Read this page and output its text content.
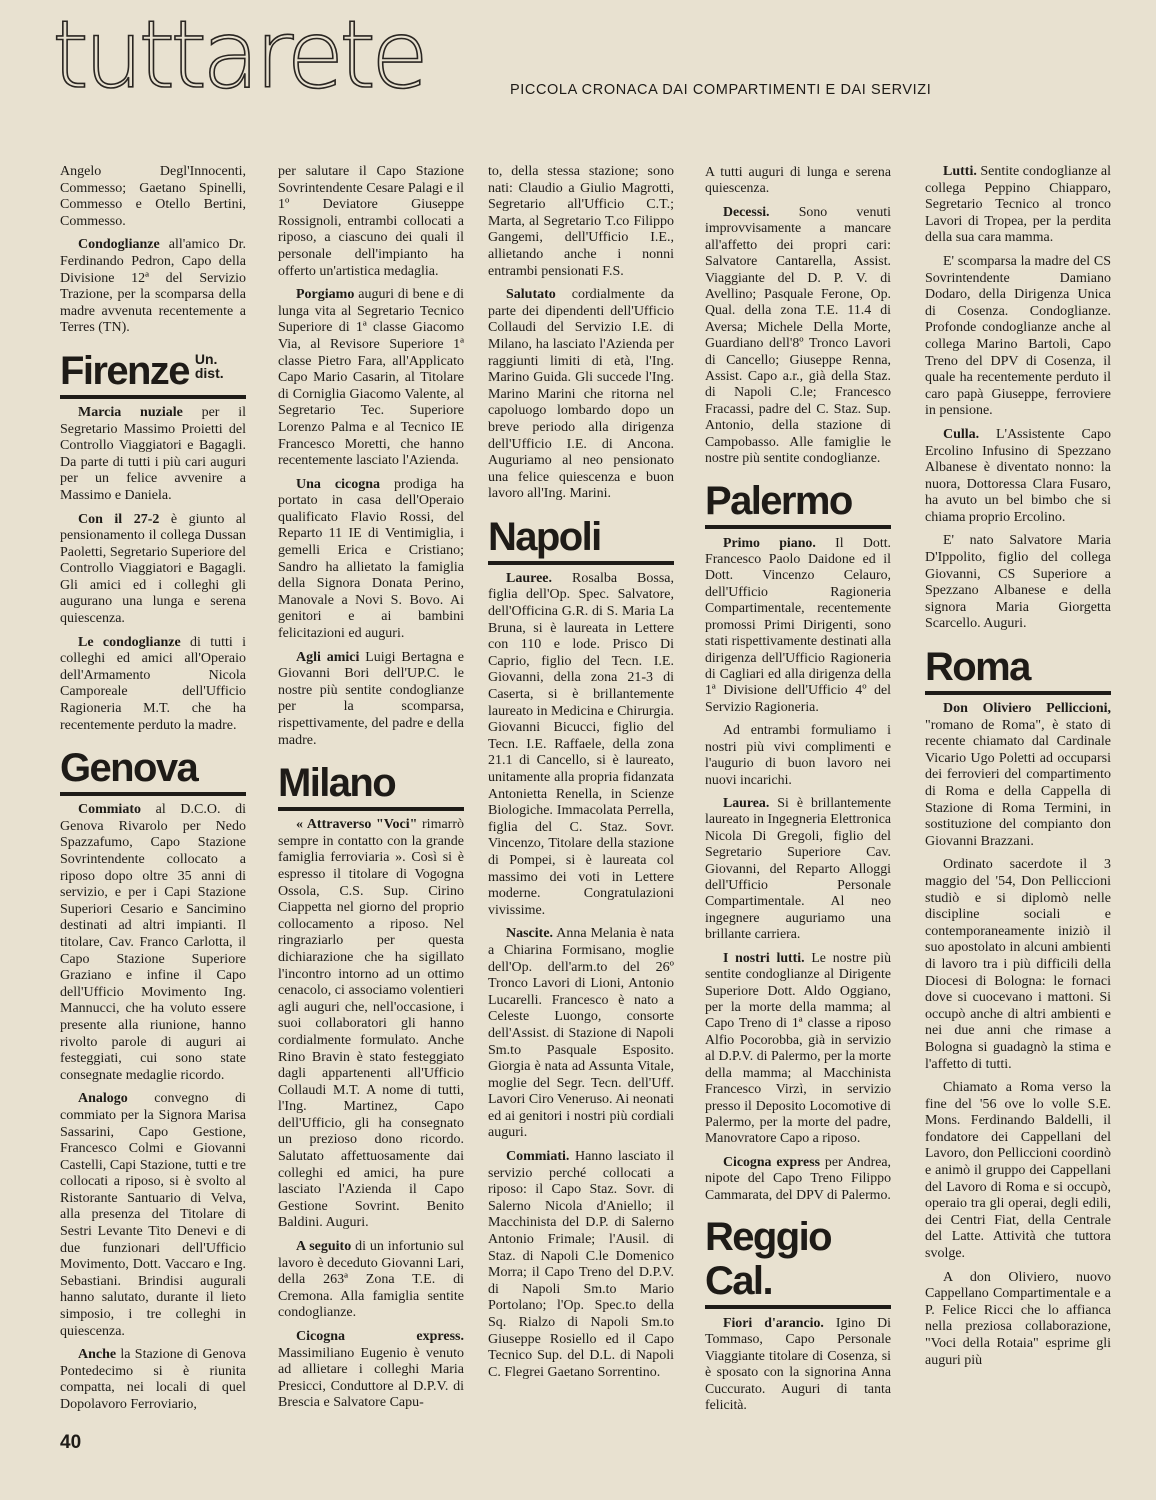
tuttarete	PICCOLA CRONACA DAI COMPARTIMENTI E DAI SERVIZI

Angelo Degl'Innocenti, Commesso; Gaetano Spinelli, Commesso e Otello Bertini, Commesso.

Condoglianze all'amico Dr. Ferdinando Pedron, Capo della Divisione 12ª del Servizio Trazione, per la scomparsa della madre avvenuta recentemente a Terres (TN).

Firenze Un. dist.

Marcia nuziale per il Segretario Massimo Proietti del Controllo Viaggiatori e Bagagli. Da parte di tutti i più cari auguri per un felice avvenire a Massimo e Daniela.

Con il 27-2 è giunto al pensionamento il collega Dussan Paoletti, Segretario Superiore del Controllo Viaggiatori e Bagagli. Gli amici ed i colleghi gli augurano una lunga e serena quiescenza.

Le condoglianze di tutti i colleghi ed amici all'Operaio dell'Armamento Nicola Camporeale dell'Ufficio Ragioneria M.T. che ha recentemente perduto la madre.

Genova

Commiato al D.C.O. di Genova Rivarolo per Nedo Spazzafumo, Capo Stazione Sovrintendente collocato a riposo dopo oltre 35 anni di servizio, e per i Capi Stazione Superiori Cesario e Sancimino destinati ad altri impianti. Il titolare, Cav. Franco Carlotta, il Capo Stazione Superiore Graziano e infine il Capo dell'Ufficio Movimento Ing. Mannucci, che ha voluto essere presente alla riunione, hanno rivolto parole di auguri ai festeggiati, cui sono state consegnate medaglie ricordo.

Analogo convegno di commiato per la Signora Marisa Sassarini, Capo Gestione, Francesco Colmi e Giovanni Castelli, Capi Stazione, tutti e tre collocati a riposo, si è svolto al Ristorante Santuario di Velva, alla presenza del Titolare di Sestri Levante Tito Denevi e di due funzionari dell'Ufficio Movimento, Dott. Vaccaro e Ing. Sebastiani. Brindisi augurali hanno salutato, durante il lieto simposio, i tre colleghi in quiescenza.

Anche la Stazione di Genova Pontedecimo si è riunita compatta, nei locali di quel Dopolavoro Ferroviario,

per salutare il Capo Stazione Sovrintendente Cesare Palagi e il 1º Deviatore Giuseppe Rossignoli, entrambi collocati a riposo, a ciascuno dei quali il personale dell'impianto ha offerto un'artistica medaglia.

Porgiamo auguri di bene e di lunga vita al Segretario Tecnico Superiore di 1ª classe Giacomo Via, al Revisore Superiore 1ª classe Pietro Fara, all'Applicato Capo Mario Casarin, al Titolare di Corniglia Giacomo Valente, al Segretario Tec. Superiore Lorenzo Palma e al Tecnico IE Francesco Moretti, che hanno recentemente lasciato l'Azienda.

Una cicogna prodiga ha portato in casa dell'Operaio qualificato Flavio Rossi, del Reparto 11 IE di Ventimiglia, i gemelli Erica e Cristiano; Sandro ha allietato la famiglia della Signora Donata Perino, Manovale a Novi S. Bovo. Ai genitori e ai bambini felicitazioni ed auguri.

Agli amici Luigi Bertagna e Giovanni Bori dell'UP.C. le nostre più sentite condoglianze per la scomparsa, rispettivamente, del padre e della madre.

Milano

« Attraverso "Voci" rimarrò sempre in contatto con la grande famiglia ferroviaria ». Così si è espresso il titolare di Vogogna Ossola, C.S. Sup. Cirino Ciappetta nel giorno del proprio collocamento a riposo. Nel ringraziarlo per questa dichiarazione che ha sigillato l'incontro intorno ad un ottimo cenacolo, ci associamo volentieri agli auguri che, nell'occasione, i suoi collaboratori gli hanno cordialmente formulato. Anche Rino Bravin è stato festeggiato dagli appartenenti all'Ufficio Collaudi M.T. A nome di tutti, l'Ing. Martinez, Capo dell'Ufficio, gli ha consegnato un prezioso dono ricordo. Salutato affettuosamente dai colleghi ed amici, ha pure lasciato l'Azienda il Capo Gestione Sovrint. Benito Baldini. Auguri.

A seguito di un infortunio sul lavoro è deceduto Giovanni Lari, della 263ª Zona T.E. di Cremona. Alla famiglia sentite condoglianze.

Cicogna express. Massimiliano Eugenio è venuto ad allietare i colleghi Maria Presicci, Conduttore al D.P.V. di Brescia e Salvatore Capu-

to, della stessa stazione; sono nati: Claudio a Giulio Magrotti, Segretario all'Ufficio C.T.; Marta, al Segretario T.co Filippo Gangemi, dell'Ufficio I.E., allietando anche i nonni entrambi pensionati F.S.

Salutato cordialmente da parte dei dipendenti dell'Ufficio Collaudi del Servizio I.E. di Milano, ha lasciato l'Azienda per raggiunti limiti di età, l'Ing. Marino Guida. Gli succede l'Ing. Marino Marini che ritorna nel capoluogo lombardo dopo un breve periodo alla dirigenza dell'Ufficio I.E. di Ancona. Auguriamo al neo pensionato una felice quiescenza e buon lavoro all'Ing. Marini.

Napoli

Lauree. Rosalba Bossa, figlia dell'Op. Spec. Salvatore, dell'Officina G.R. di S. Maria La Bruna, si è laureata in Lettere con 110 e lode. Prisco Di Caprio, figlio del Tecn. I.E. Giovanni, della zona 21-3 di Caserta, si è brillantemente laureato in Medicina e Chirurgia. Giovanni Bicucci, figlio del Tecn. I.E. Raffaele, della zona 21.1 di Cancello, si è laureato, unitamente alla propria fidanzata Antonietta Renella, in Scienze Biologiche. Immacolata Perrella, figlia del C. Staz. Sovr. Vincenzo, Titolare della stazione di Pompei, si è laureata col massimo dei voti in Lettere moderne. Congratulazioni vivissime.

Nascite. Anna Melania è nata a Chiarina Formisano, moglie dell'Op. dell'arm.to del 26º Tronco Lavori di Lioni, Antonio Lucarelli. Francesco è nato a Celeste Luongo, consorte dell'Assist. di Stazione di Napoli Sm.to Pasquale Esposito. Giorgia è nata ad Assunta Vitale, moglie del Segr. Tecn. dell'Uff. Lavori Ciro Veneruso. Ai neonati ed ai genitori i nostri più cordiali auguri.

Commiati. Hanno lasciato il servizio perché collocati a riposo: il Capo Staz. Sovr. di Salerno Nicola d'Aniello; il Macchinista del D.P. di Salerno Antonio Frimale; l'Ausil. di Staz. di Napoli C.le Domenico Morra; il Capo Treno del D.P.V. di Napoli Sm.to Mario Portolano; l'Op. Spec.to della Sq. Rialzo di Napoli Sm.to Giuseppe Rosiello ed il Capo Tecnico Sup. del D.L. di Napoli C. Flegrei Gaetano Sorrentino.

A tutti auguri di lunga e serena quiescenza.

Decessi. Sono venuti improvvisamente a mancare all'affetto dei propri cari: Salvatore Cantarella, Assist. Viaggiante del D. P. V. di Avellino; Pasquale Ferone, Op. Qual. della zona T.E. 11.4 di Aversa; Michele Della Morte, Guardiano dell'8º Tronco Lavori di Cancello; Giuseppe Renna, Assist. Capo a.r., già della Staz. di Napoli C.le; Francesco Fracassi, padre del C. Staz. Sup. Antonio, della stazione di Campobasso. Alle famiglie le nostre più sentite condoglianze.

Palermo

Primo piano. Il Dott. Francesco Paolo Daidone ed il Dott. Vincenzo Celauro, dell'Ufficio Ragioneria Compartimentale, recentemente promossi Primi Dirigenti, sono stati rispettivamente destinati alla dirigenza dell'Ufficio Ragioneria di Cagliari ed alla dirigenza della 1ª Divisione dell'Ufficio 4º del Servizio Ragioneria.

Ad entrambi formuliamo i nostri più vivi complimenti e l'augurio di buon lavoro nei nuovi incarichi.

Laurea. Si è brillantemente laureato in Ingegneria Elettronica Nicola Di Gregoli, figlio del Segretario Superiore Cav. Giovanni, del Reparto Alloggi dell'Ufficio Personale Compartimentale. Al neo ingegnere auguriamo una brillante carriera.

I nostri lutti. Le nostre più sentite condoglianze al Dirigente Superiore Dott. Aldo Oggiano, per la morte della mamma; al Capo Treno di 1ª classe a riposo Alfio Pocorobba, già in servizio al D.P.V. di Palermo, per la morte della mamma; al Macchinista Francesco Virzì, in servizio presso il Deposito Locomotive di Palermo, per la morte del padre, Manovratore Capo a riposo.

Cicogna express per Andrea, nipote del Capo Treno Filippo Cammarata, del DPV di Palermo.

Reggio Cal.

Fiori d'arancio. Igino Di Tommaso, Capo Personale Viaggiante titolare di Cosenza, si è sposato con la signorina Anna Cuccurato. Auguri di tanta felicità.

Lutti. Sentite condoglianze al collega Peppino Chiapparo, Segretario Tecnico al tronco Lavori di Tropea, per la perdita della sua cara mamma.

E' scomparsa la madre del CS Sovrintendente Damiano Dodaro, della Dirigenza Unica di Cosenza. Condoglianze. Profonde condoglianze anche al collega Marino Bartoli, Capo Treno del DPV di Cosenza, il quale ha recentemente perduto il caro papà Giuseppe, ferroviere in pensione.

Culla. L'Assistente Capo Ercolino Infusino di Spezzano Albanese è diventato nonno: la nuora, Dottoressa Clara Fusaro, ha avuto un bel bimbo che si chiama proprio Ercolino.

E' nato Salvatore Maria D'Ippolito, figlio del collega Giovanni, CS Superiore a Spezzano Albanese e della signora Maria Giorgetta Scarcello. Auguri.

Roma

Don Oliviero Pelliccioni, "romano de Roma", è stato di recente chiamato dal Cardinale Vicario Ugo Poletti ad occuparsi dei ferrovieri del compartimento di Roma e della Cappella di Stazione di Roma Termini, in sostituzione del compianto don Giovanni Brazzani.

Ordinato sacerdote il 3 maggio del '54, Don Pelliccioni studiò e si diplomò nelle discipline sociali e contemporaneamente iniziò il suo apostolato in alcuni ambienti di lavoro tra i più difficili della Diocesi di Bologna: le fornaci dove si cuocevano i mattoni. Si occupò anche di altri ambienti e nei due anni che rimase a Bologna si guadagnò la stima e l'affetto di tutti.

Chiamato a Roma verso la fine del '56 ove lo volle S.E. Mons. Ferdinando Baldelli, il fondatore dei Cappellani del Lavoro, don Pelliccioni coordinò e animò il gruppo dei Cappellani del Lavoro di Roma e si occupò, operaio tra gli operai, degli edili, dei Centri Fiat, della Centrale del Latte. Attività che tuttora svolge.

A don Oliviero, nuovo Cappellano Compartimentale e a P. Felice Ricci che lo affianca nella preziosa collaborazione, "Voci della Rotaia" esprime gli auguri più

40
